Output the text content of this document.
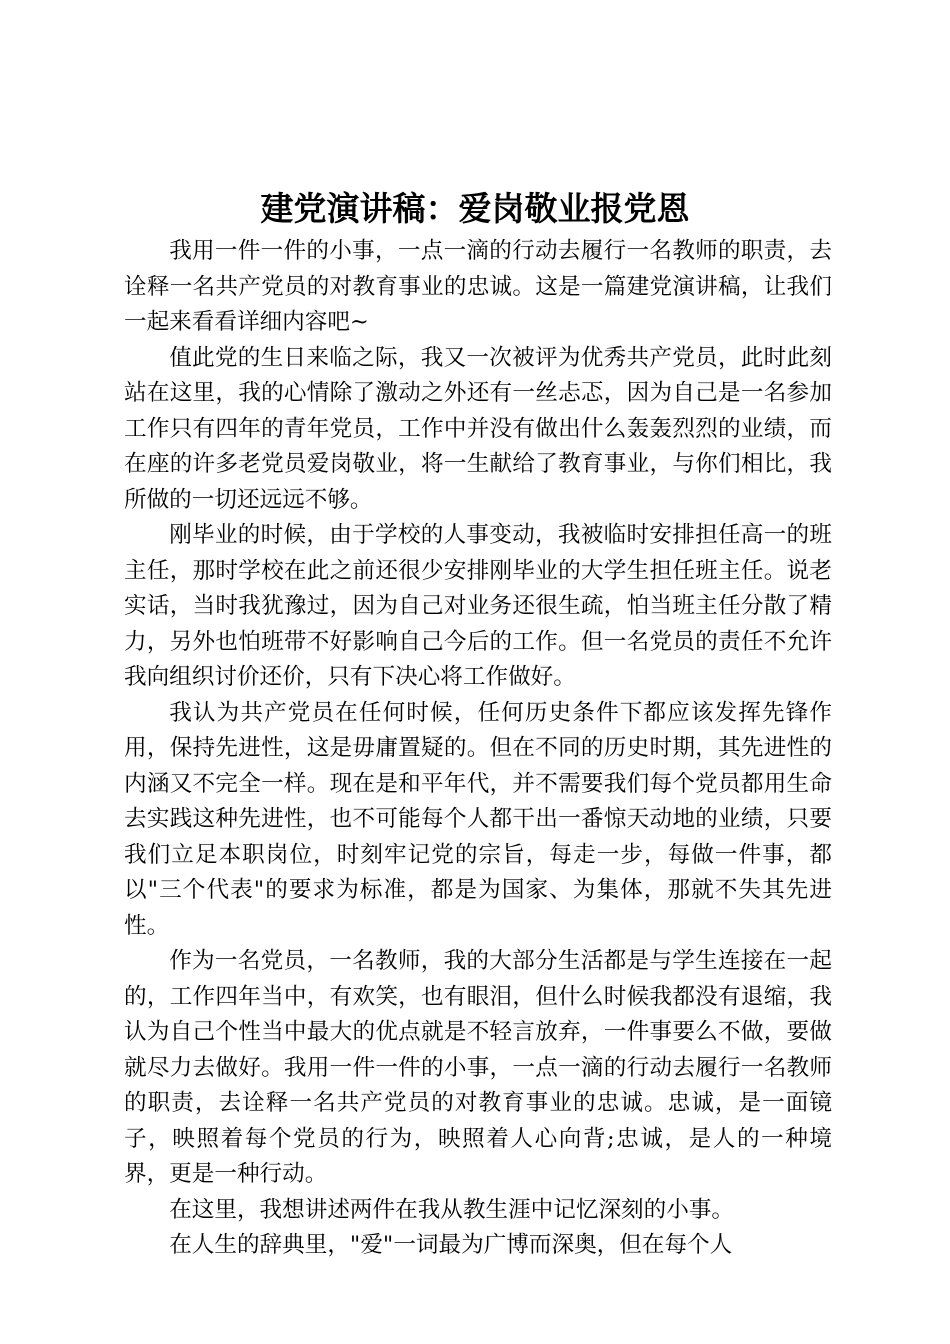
建党演讲稿：爱岗敬业报党恩

我用一件一件的小事，一点一滴的行动去履行一名教师的职责，去诠释一名共产党员的对教育事业的忠诚。这是一篇建党演讲稿，让我们一起来看看详细内容吧~

值此党的生日来临之际，我又一次被评为优秀共产党员，此时此刻站在这里，我的心情除了激动之外还有一丝忐忑，因为自己是一名参加工作只有四年的青年党员，工作中并没有做出什么轰轰烈烈的业绩，而在座的许多老党员爱岗敬业，将一生献给了教育事业，与你们相比，我所做的一切还远远不够。

刚毕业的时候，由于学校的人事变动，我被临时安排担任高一的班主任，那时学校在此之前还很少安排刚毕业的大学生担任班主任。说老实话，当时我犹豫过，因为自己对业务还很生疏，怕当班主任分散了精力，另外也怕班带不好影响自己今后的工作。但一名党员的责任不允许我向组织讨价还价，只有下决心将工作做好。

我认为共产党员在任何时候，任何历史条件下都应该发挥先锋作用，保持先进性，这是毋庸置疑的。但在不同的历史时期，其先进性的内涵又不完全一样。现在是和平年代，并不需要我们每个党员都用生命去实践这种先进性，也不可能每个人都干出一番惊天动地的业绩，只要我们立足本职岗位，时刻牢记党的宗旨，每走一步，每做一件事，都以"三个代表"的要求为标准，都是为国家、为集体，那就不失其先进性。

作为一名党员，一名教师，我的大部分生活都是与学生连接在一起的，工作四年当中，有欢笑，也有眼泪，但什么时候我都没有退缩，我认为自己个性当中最大的优点就是不轻言放弃，一件事要么不做，要做就尽力去做好。我用一件一件的小事，一点一滴的行动去履行一名教师的职责，去诠释一名共产党员的对教育事业的忠诚。忠诚，是一面镜子，映照着每个党员的行为，映照着人心向背;忠诚，是人的一种境界，更是一种行动。

在这里，我想讲述两件在我从教生涯中记忆深刻的小事。

在人生的辞典里，"爱"一词最为广博而深奥，但在每个人
